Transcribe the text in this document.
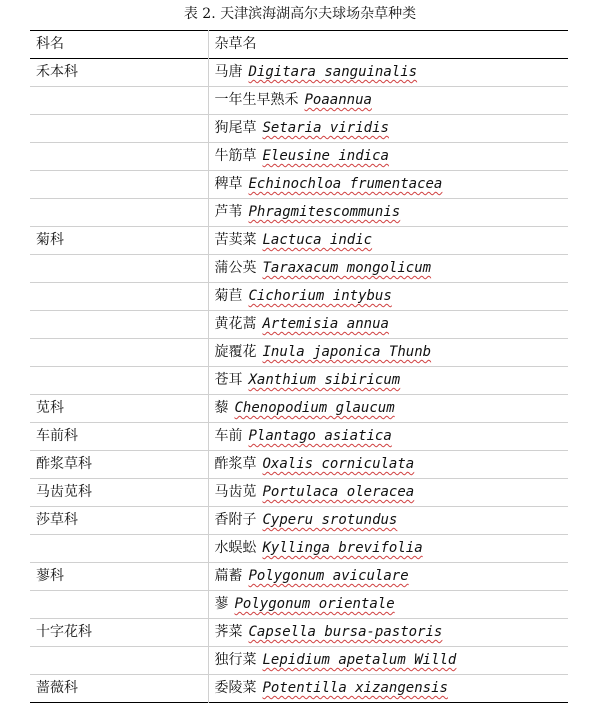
表 2. 天津滨海湖高尔夫球场杂草种类
科名	杂草名
禾本科	马唐 Digitara sanguinalis
	一年生早熟禾 Poaannua
	狗尾草 Setaria viridis
	牛筋草 Eleusine indica
	稗草 Echinochloa frumentacea
	芦苇 Phragmitescommunis
菊科	苦荬菜 Lactuca indic
	蒲公英 Taraxacum mongolicum
	菊苣 Cichorium intybus
	黄花蒿 Artemisia annua
	旋覆花 Inula japonica Thunb
	苍耳 Xanthium sibiricum
苋科	藜 Chenopodium glaucum
车前科	车前 Plantago asiatica
酢浆草科	酢浆草 Oxalis corniculata
马齿苋科	马齿苋 Portulaca oleracea
莎草科	香附子 Cyperu srotundus
	水蜈蚣 Kyllinga brevifolia
蓼科	萹蓄 Polygonum aviculare
	蓼 Polygonum orientale
十字花科	荠菜 Capsella bursa-pastoris
	独行菜 Lepidium apetalum Willd
蔷薇科	委陵菜 Potentilla xizangensis
